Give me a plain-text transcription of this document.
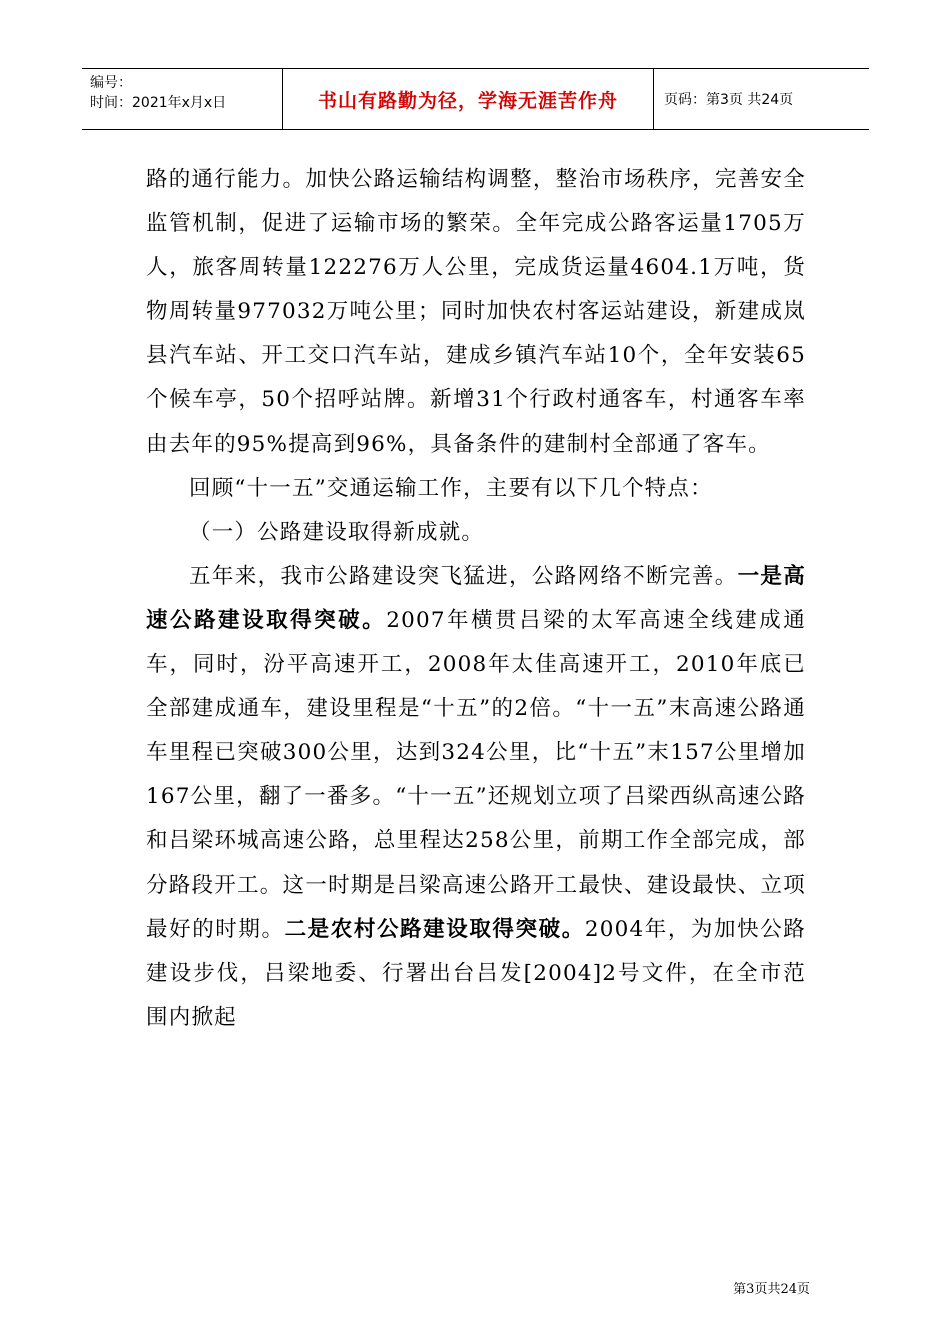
编号：
时间：2021年x月x日	书山有路勤为径，学海无涯苦作舟	页码：第3页 共24页

路的通行能力。加快公路运输结构调整，整治市场秩序，完善安全监管机制，促进了运输市场的繁荣。全年完成公路客运量1705万人，旅客周转量122276万人公里，完成货运量4604.1万吨，货物周转量977032万吨公里；同时加快农村客运站建设，新建成岚县汽车站、开工交口汽车站，建成乡镇汽车站10个，全年安装65个候车亭，50个招呼站牌。新增31个行政村通客车，村通客车率由去年的95%提高到96%，具备条件的建制村全部通了客车。

回顾“十一五”交通运输工作，主要有以下几个特点：

（一）公路建设取得新成就。

五年来，我市公路建设突飞猛进，公路网络不断完善。一是高速公路建设取得突破。2007年横贯吕梁的太军高速全线建成通车，同时，汾平高速开工，2008年太佳高速开工，2010年底已全部建成通车，建设里程是“十五”的2倍。“十一五”末高速公路通车里程已突破300公里，达到324公里，比“十五”末157公里增加167公里，翻了一番多。“十一五”还规划立项了吕梁西纵高速公路和吕梁环城高速公路，总里程达258公里，前期工作全部完成，部分路段开工。这一时期是吕梁高速公路开工最快、建设最快、立项最好的时期。二是农村公路建设取得突破。2004年，为加快公路建设步伐，吕梁地委、行署出台吕发[2004]2号文件，在全市范围内掀起

第3页共24页
